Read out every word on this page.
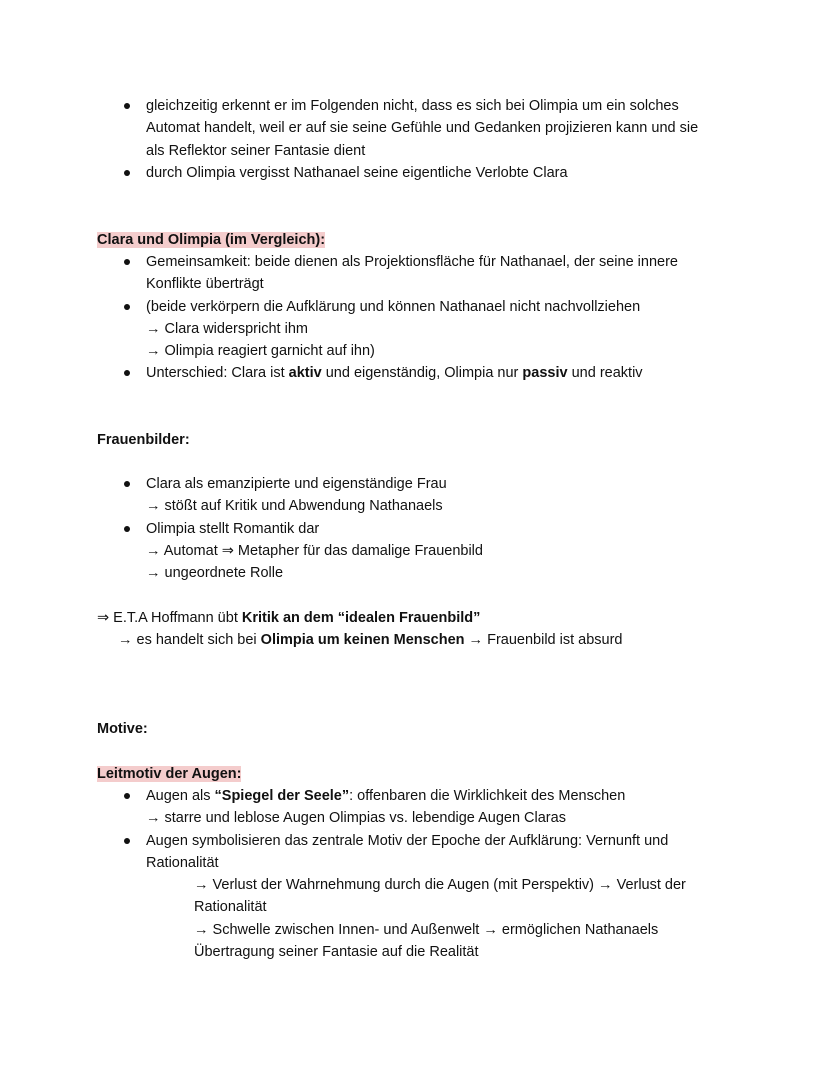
gleichzeitig erkennt er im Folgenden nicht, dass es sich bei Olimpia um ein solches
Automat handelt, weil er auf sie seine Gefühle und Gedanken projizieren kann und sie
als Reflektor seiner Fantasie dient
durch Olimpia vergisst Nathanael seine eigentliche Verlobte Clara
Clara und Olimpia (im Vergleich):
Gemeinsamkeit: beide dienen als Projektionsfläche für Nathanael, der seine innere
Konflikte überträgt
(beide verkörpern die Aufklärung und können Nathanael nicht nachvollziehen
→ Clara widerspricht ihm
→ Olimpia reagiert garnicht auf ihn)
Unterschied: Clara ist aktiv und eigenständig, Olimpia nur passiv und reaktiv
Frauenbilder:
Clara als emanzipierte und eigenständige Frau
→ stößt auf Kritik und Abwendung Nathanaels
Olimpia stellt Romantik dar
→ Automat ⇒ Metapher für das damalige Frauenbild
→ ungeordnete Rolle
⇒ E.T.A Hoffmann übt Kritik an dem “idealen Frauenbild”
→ es handelt sich bei Olimpia um keinen Menschen → Frauenbild ist absurd
Motive:
Leitmotiv der Augen:
Augen als “Spiegel der Seele”: offenbaren die Wirklichkeit des Menschen
→ starre und leblose Augen Olimpias vs. lebendige Augen Claras
Augen symbolisieren das zentrale Motiv der Epoche der Aufklärung: Vernunft und
Rationalität
→ Verlust der Wahrnehmung durch die Augen (mit Perspektiv) → Verlust der
Rationalität
→ Schwelle zwischen Innen- und Außenwelt → ermöglichen Nathanaels
Übertragung seiner Fantasie auf die Realität
